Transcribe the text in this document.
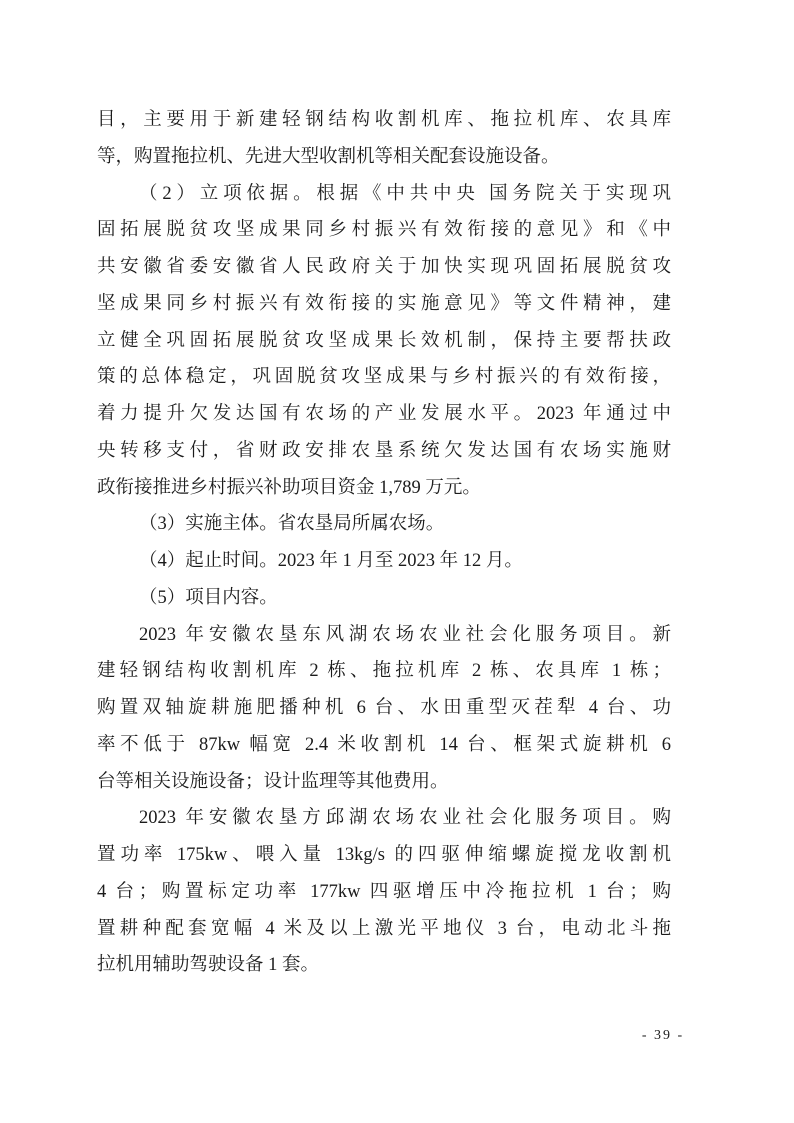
目，主要用于新建轻钢结构收割机库、拖拉机库、农具库
等，购置拖拉机、先进大型收割机等相关配套设施设备。
（2）立项依据。根据《中共中央 国务院关于实现巩
固拓展脱贫攻坚成果同乡村振兴有效衔接的意见》和《中
共安徽省委安徽省人民政府关于加快实现巩固拓展脱贫攻
坚成果同乡村振兴有效衔接的实施意见》等文件精神，建
立健全巩固拓展脱贫攻坚成果长效机制，保持主要帮扶政
策的总体稳定，巩固脱贫攻坚成果与乡村振兴的有效衔接，
着力提升欠发达国有农场的产业发展水平。2023 年通过中
央转移支付，省财政安排农垦系统欠发达国有农场实施财
政衔接推进乡村振兴补助项目资金 1,789 万元。
（3）实施主体。省农垦局所属农场。
（4）起止时间。2023 年 1 月至 2023 年 12 月。
（5）项目内容。
2023 年安徽农垦东风湖农场农业社会化服务项目。新
建轻钢结构收割机库 2 栋、拖拉机库 2 栋、农具库 1 栋；
购置双轴旋耕施肥播种机 6 台、水田重型灭茬犁 4 台、功
率不低于 87kw 幅宽 2.4 米收割机 14 台、框架式旋耕机 6
台等相关设施设备；设计监理等其他费用。
2023 年安徽农垦方邱湖农场农业社会化服务项目。购
置功率 175kw、喂入量 13kg/s 的四驱伸缩螺旋搅龙收割机
4 台；购置标定功率 177kw 四驱增压中冷拖拉机 1 台；购
置耕种配套宽幅 4 米及以上激光平地仪 3 台，电动北斗拖
拉机用辅助驾驶设备 1 套。
- 39 -
